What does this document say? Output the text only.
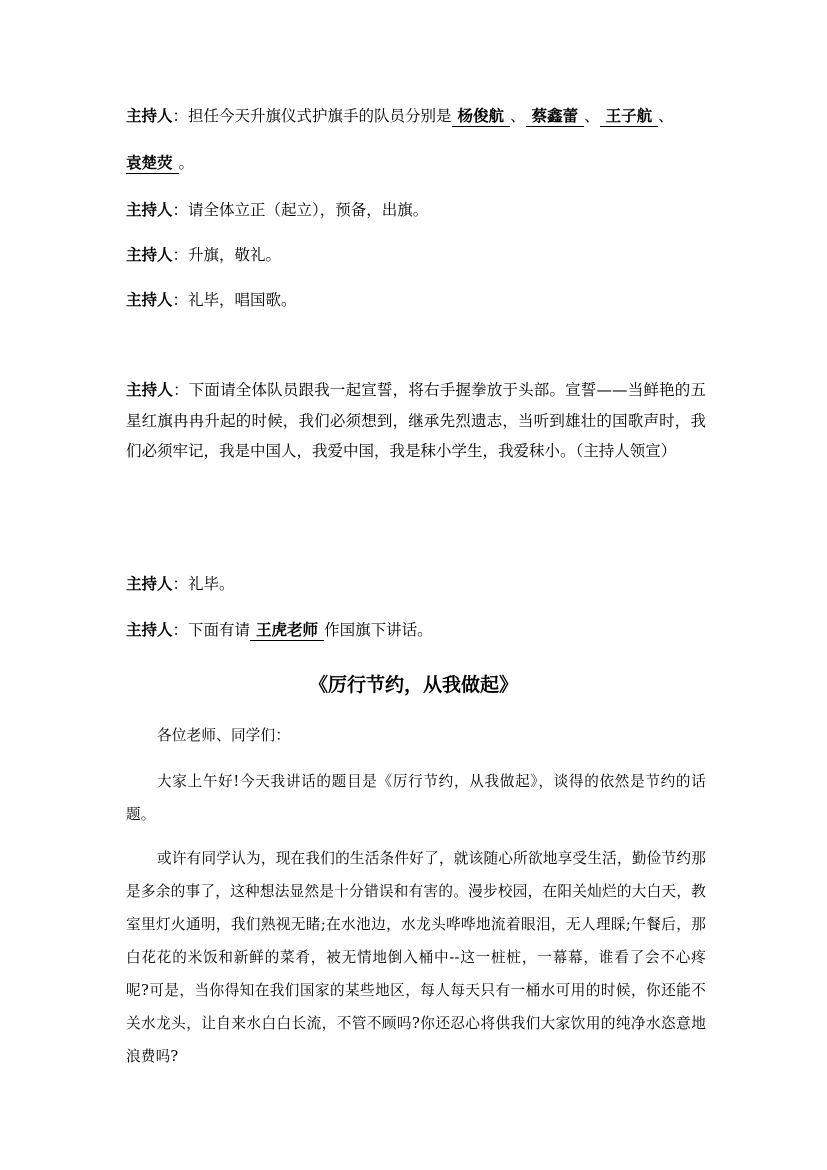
主持人：担任今天升旗仪式护旗手的队员分别是 杨俊航 、 蔡鑫蕾 、 王子航 、

袁楚荧 。

主持人：请全体立正（起立），预备，出旗。

主持人：升旗，敬礼。

主持人：礼毕，唱国歌。

主持人：下面请全体队员跟我一起宣誓，将右手握拳放于头部。宣誓——当鲜艳的五星红旗冉冉升起的时候，我们必须想到，继承先烈遗志，当听到雄壮的国歌声时，我们必须牢记，我是中国人，我爱中国，我是秣小学生，我爱秣小。（主持人领宣）

主持人：礼毕。

主持人：下面有请 王虎老师 作国旗下讲话。

《厉行节约，从我做起》

各位老师、同学们：

大家上午好!今天我讲话的题目是《厉行节约，从我做起》，谈得的依然是节约的话题。

或许有同学认为，现在我们的生活条件好了，就该随心所欲地享受生活，勤俭节约那是多余的事了，这种想法显然是十分错误和有害的。漫步校园，在阳关灿烂的大白天，教室里灯火通明，我们熟视无睹;在水池边，水龙头哗哗地流着眼泪，无人理睬;午餐后，那白花花的米饭和新鲜的菜肴，被无情地倒入桶中--这一桩桩，一幕幕，谁看了会不心疼呢?可是，当你得知在我们国家的某些地区，每人每天只有一桶水可用的时候，你还能不关水龙头，让自来水白白长流，不管不顾吗?你还忍心将供我们大家饮用的纯净水恣意地浪费吗?
